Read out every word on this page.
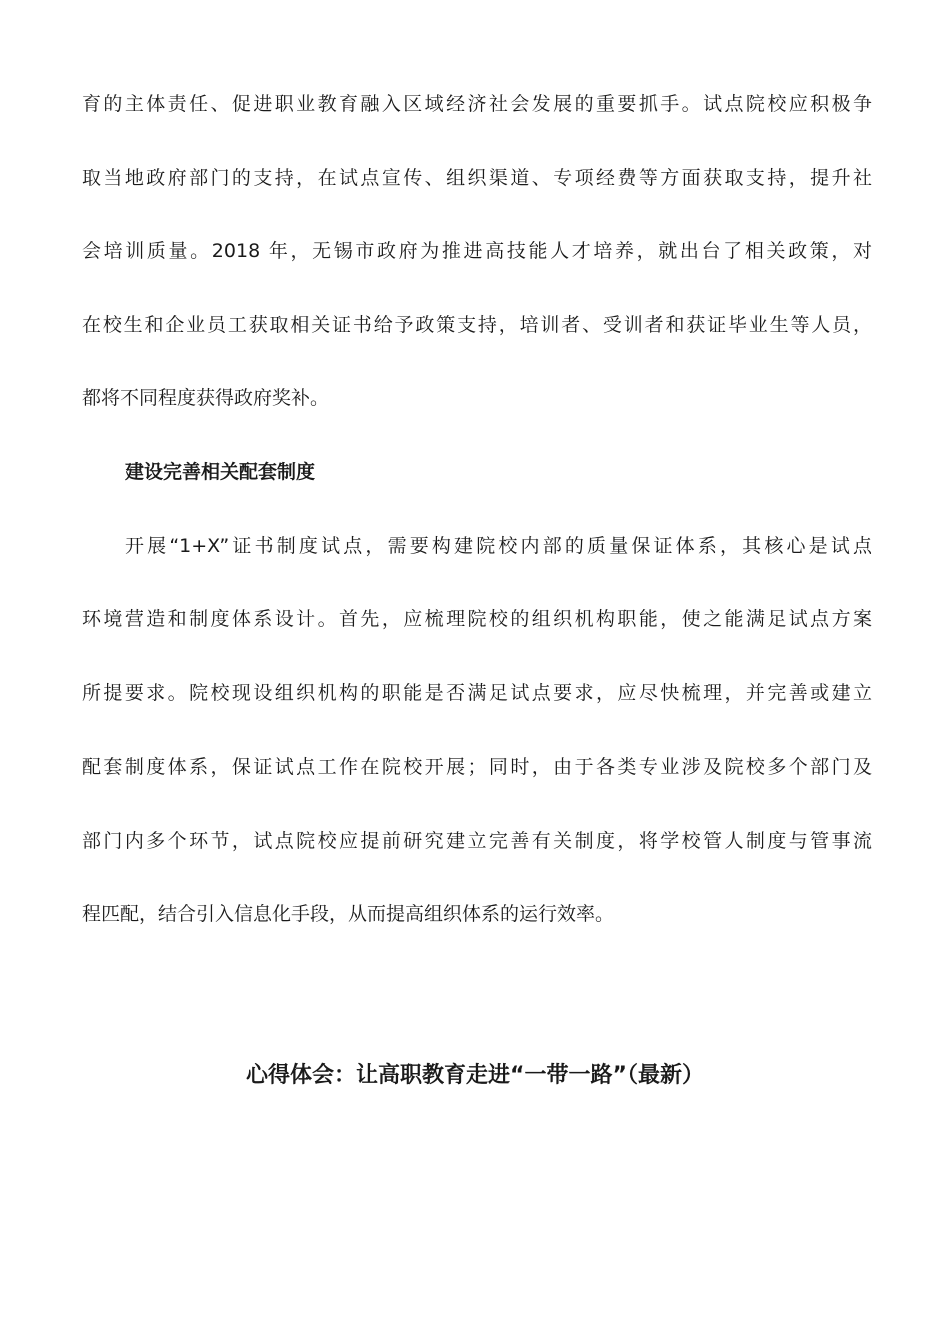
育的主体责任、促进职业教育融入区域经济社会发展的重要抓手。试点院校应积极争
取当地政府部门的支持，在试点宣传、组织渠道、专项经费等方面获取支持，提升社
会培训质量。2018 年，无锡市政府为推进高技能人才培养，就出台了相关政策，对
在校生和企业员工获取相关证书给予政策支持，培训者、受训者和获证毕业生等人员，
都将不同程度获得政府奖补。
建设完善相关配套制度
开展“1+X”证书制度试点，需要构建院校内部的质量保证体系，其核心是试点
环境营造和制度体系设计。首先，应梳理院校的组织机构职能，使之能满足试点方案
所提要求。院校现设组织机构的职能是否满足试点要求，应尽快梳理，并完善或建立
配套制度体系，保证试点工作在院校开展；同时，由于各类专业涉及院校多个部门及
部门内多个环节，试点院校应提前研究建立完善有关制度，将学校管人制度与管事流
程匹配，结合引入信息化手段，从而提高组织体系的运行效率。
心得体会：让高职教育走进“一带一路”（最新）
